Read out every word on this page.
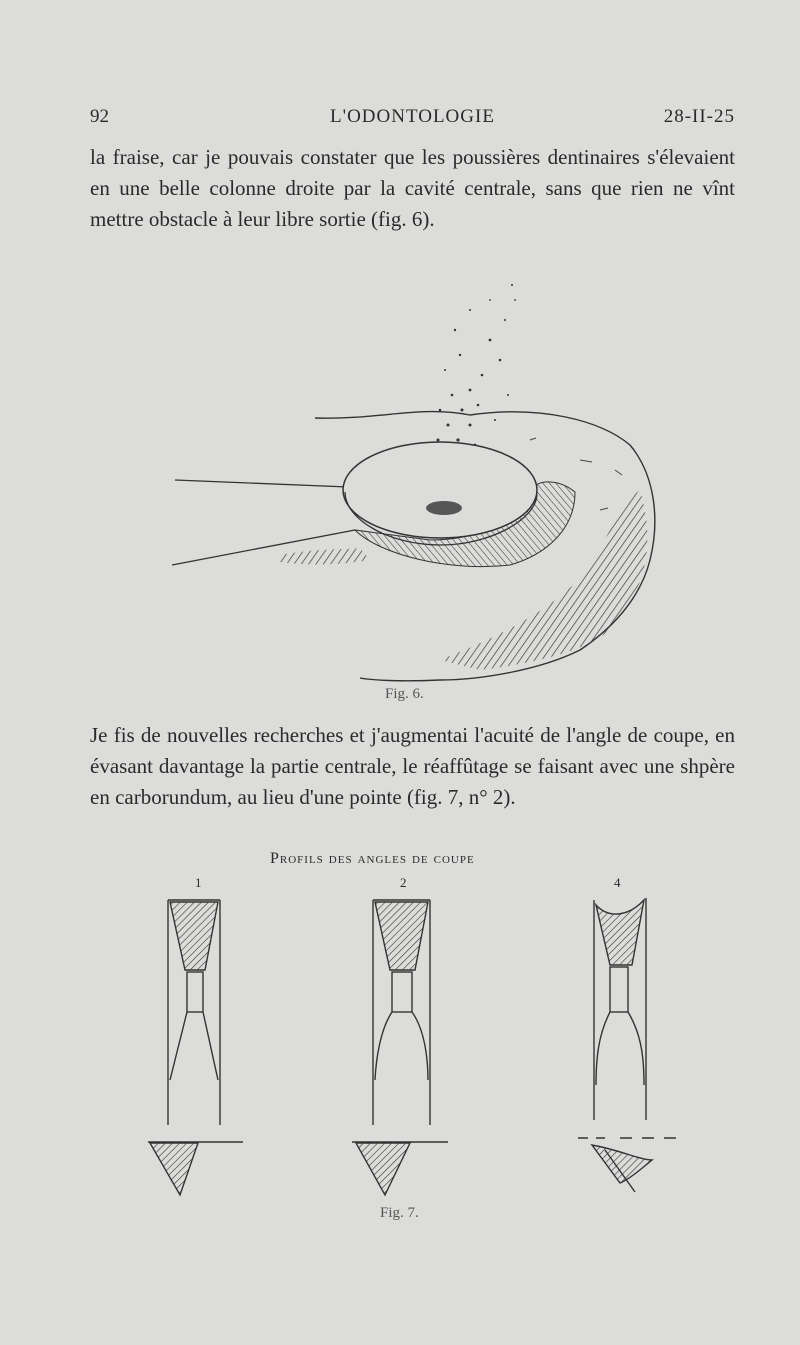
92	L'ODONTOLOGIE	28-II-25
la fraise, car je pouvais constater que les poussières dentinaires s'élevaient en une belle colonne droite par la cavité centrale, sans que rien ne vînt mettre obstacle à leur libre sortie (fig. 6).
Fig. 6.
Je fis de nouvelles recherches et j'augmentai l'acuité de l'angle de coupe, en évasant davantage la partie centrale, le réaffûtage se faisant avec une shpère en carborundum, au lieu d'une pointe (fig. 7, n° 2).
Profils des angles de coupe
1	2	4
Fig. 7.
